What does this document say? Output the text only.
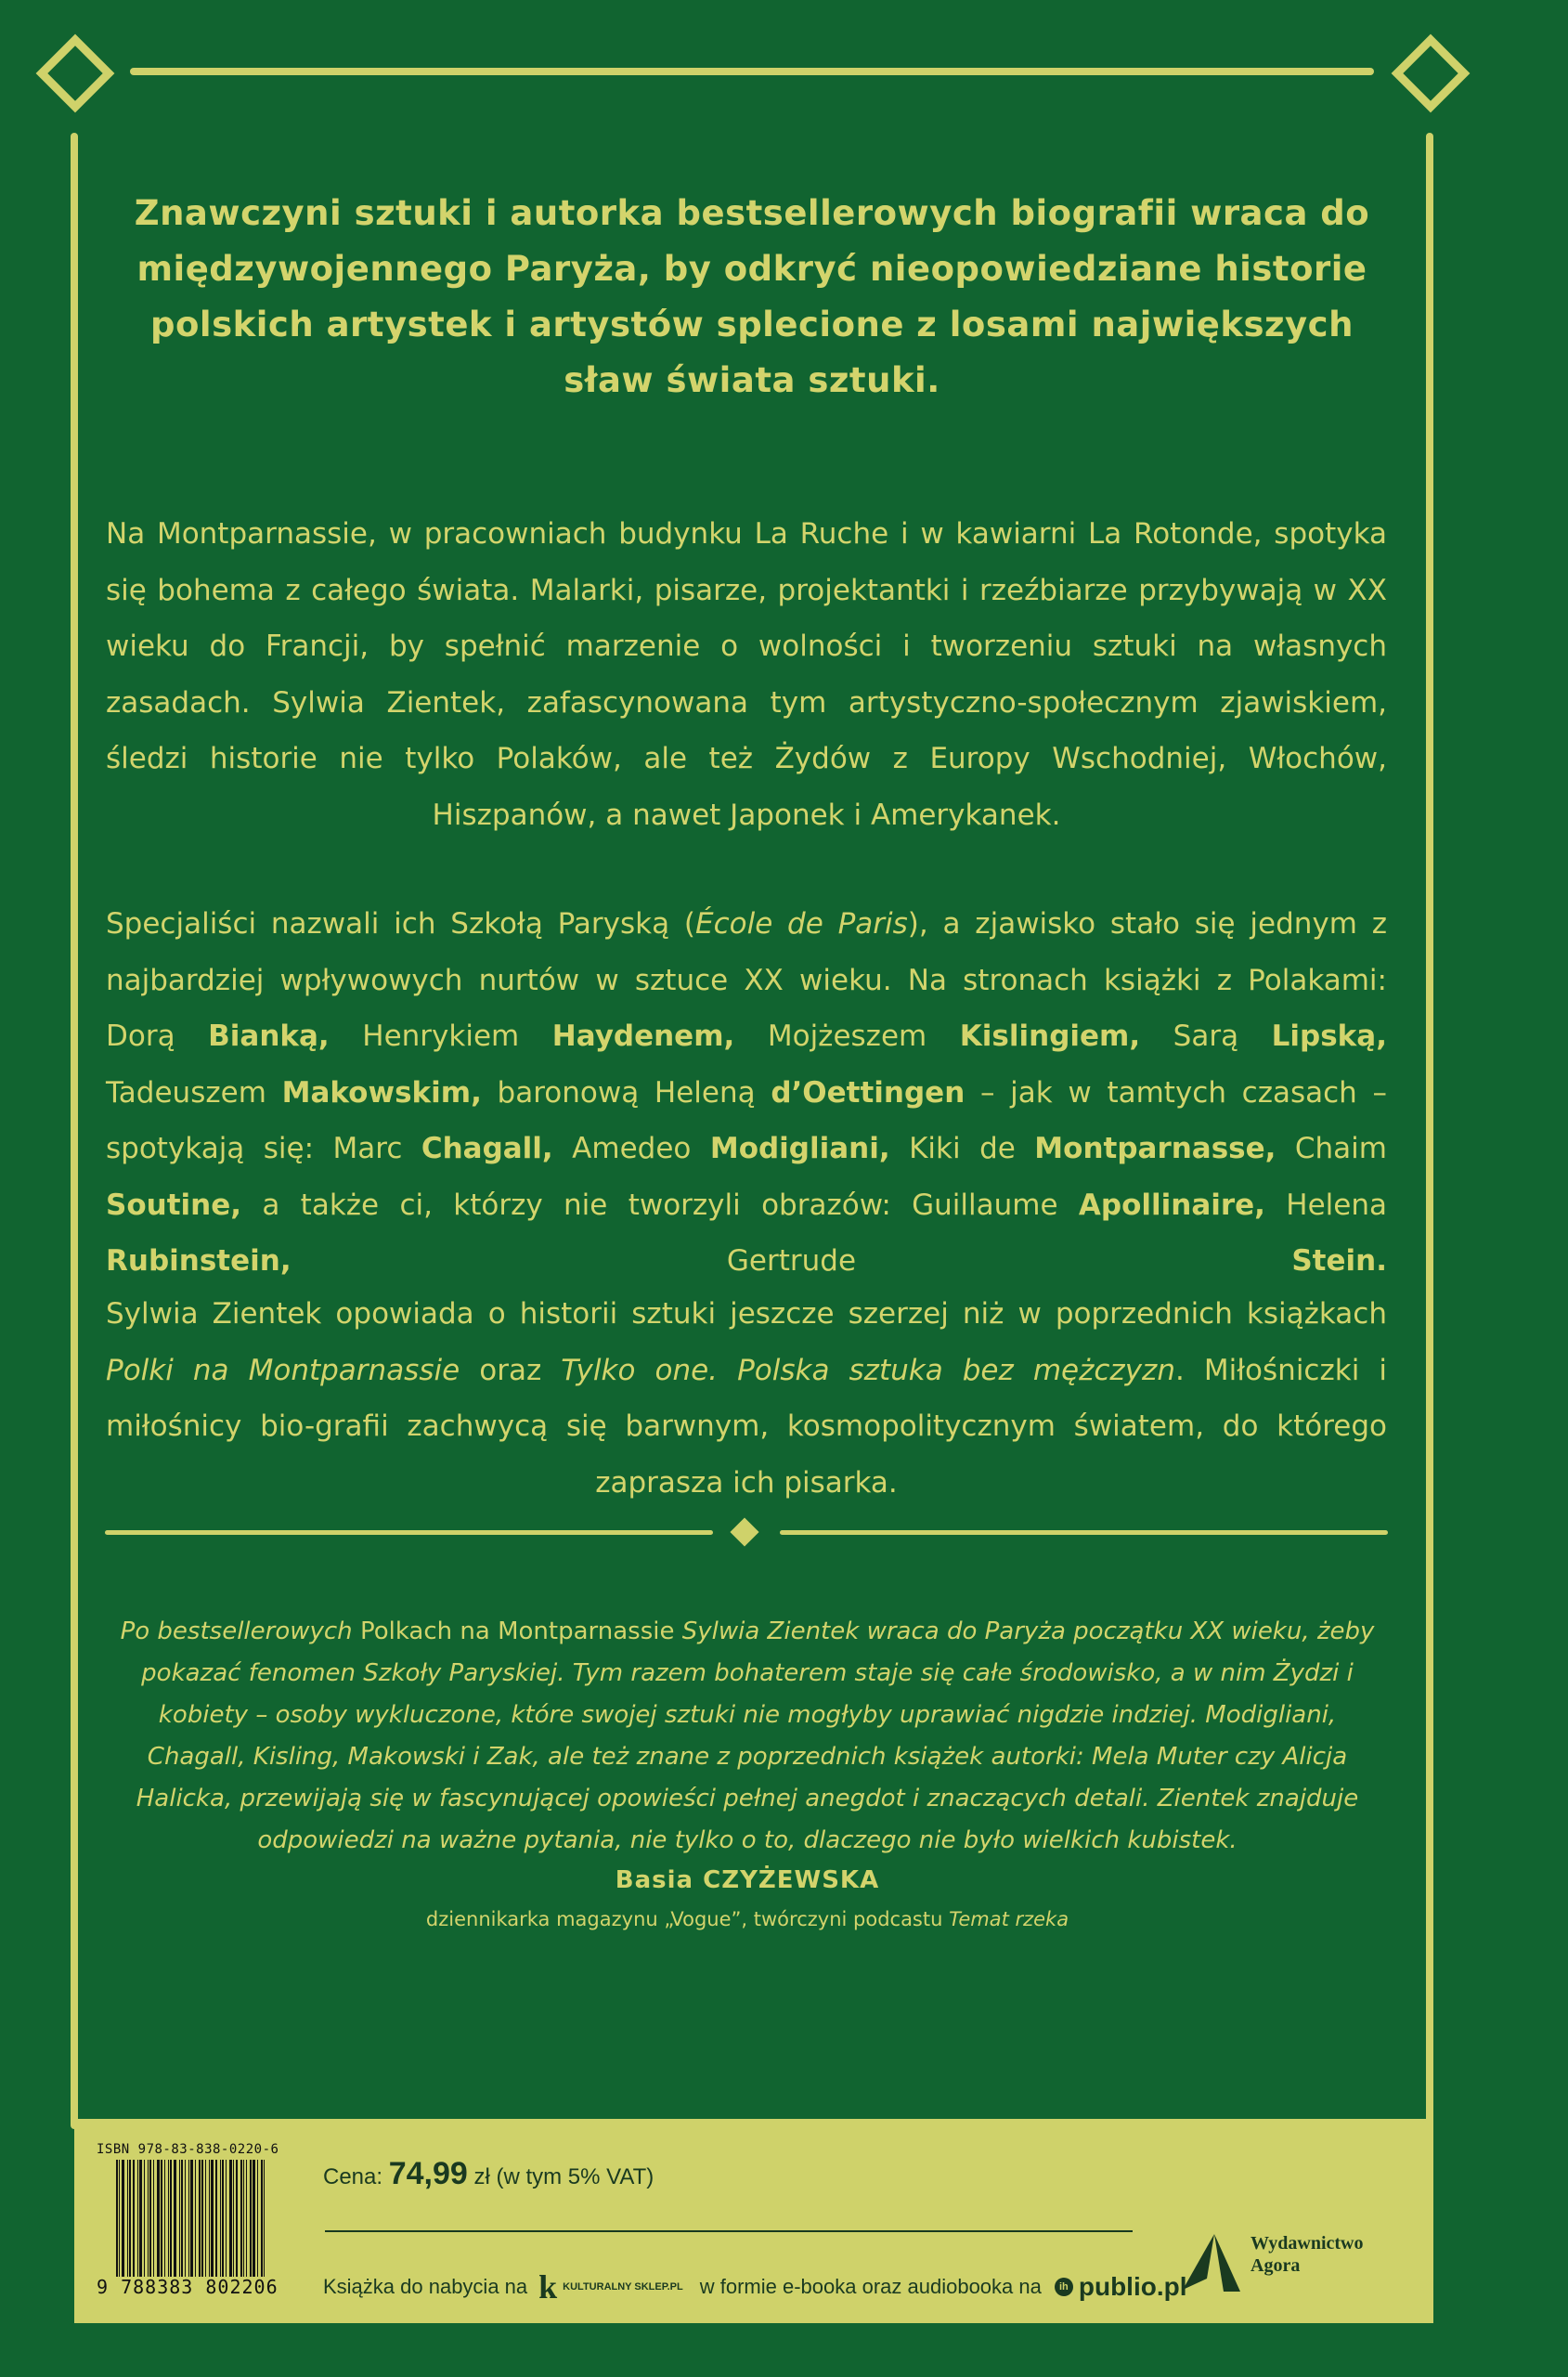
Znawczyni sztuki i autorka bestsellerowych biografii wraca do międzywojennego Paryża, by odkryć nieopowiedziane historie polskich artystek i artystów splecione z losami największych sław świata sztuki.
Na Montparnassie, w pracowniach budynku La Ruche i w kawiarni La Rotonde, spotyka się bohema z całego świata. Malarki, pisarze, projektantki i rzeźbiarze przybywają w XX wieku do Francji, by spełnić marzenie o wolności i tworzeniu sztuki na własnych zasadach. Sylwia Zientek, zafascynowana tym artystyczno-społecznym zjawiskiem, śledzi historie nie tylko Polaków, ale też Żydów z Europy Wschodniej, Włochów, Hiszpanów, a nawet Japonek i Amerykanek.
Specjaliści nazwali ich Szkołą Paryską (École de Paris), a zjawisko stało się jednym z najbardziej wpływowych nurtów w sztuce XX wieku. Na stronach książki z Polakami: Dorą Bianką, Henrykiem Haydenem, Mojżeszem Kislingiem, Sarą Lipską, Tadeuszem Makowskim, baronową Heleną d’Oettingen – jak w tamtych czasach – spotykają się: Marc Chagall, Amedeo Modigliani, Kiki de Montparnasse, Chaim Soutine, a także ci, którzy nie tworzyli obrazów: Guillaume Apollinaire, Helena Rubinstein, Gertrude Stein.
Sylwia Zientek opowiada o historii sztuki jeszcze szerzej niż w poprzednich książkach Polki na Montparnassie oraz Tylko one. Polska sztuka bez mężczyzn. Miłośniczki i miłośnicy bio-grafii zachwycą się barwnym, kosmopolitycznym światem, do którego zaprasza ich pisarka.
Po bestsellerowych Polkach na Montparnassie Sylwia Zientek wraca do Paryża początku XX wieku, żeby pokazać fenomen Szkoły Paryskiej. Tym razem bohaterem staje się całe środowisko, a w nim Żydzi i kobiety – osoby wykluczone, które swojej sztuki nie mogłyby uprawiać nigdzie indziej. Modigliani, Chagall, Kisling, Makowski i Zak, ale też znane z poprzednich książek autorki: Mela Muter czy Alicja Halicka, przewijają się w fascynującej opowieści pełnej anegdot i znaczących detali. Zientek znajduje odpowiedzi na ważne pytania, nie tylko o to, dlaczego nie było wielkich kubistek.
Basia CZYŻEWSKA
dziennikarka magazynu „Vogue”, twórczyni podcastu Temat rzeka
ISBN 978-83-838-0220-6
9 788383 802206
Cena: 74,99 zł (w tym 5% VAT)
Książka do nabycia na k KULTURALNY SKLEP.PL w formie e-booka oraz audiobooka na	ih publio.pl
Wydawnictwo
Agora
